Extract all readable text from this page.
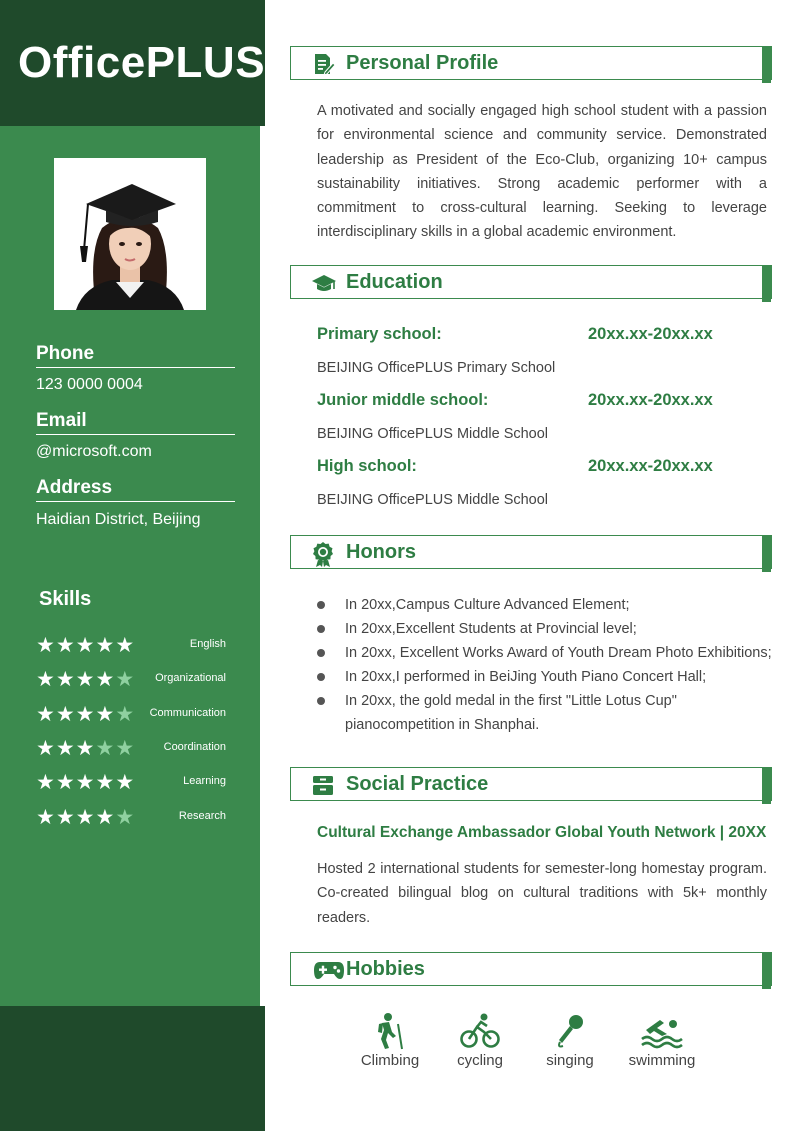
OfficePLUS
Phone
123 0000 0004
Email
@microsoft.com
Address
Haidian District, Beijing
Skills
★★★★★	English
★★★★★ Organizational
★★★★★ Communication
★★★★★	Coordination
★★★★★	Learning
★★★★★	Research
Personal Profile
A motivated and socially engaged high school student with a passion for environmental science and community service. Demonstrated leadership as President of the Eco-Club, organizing 10+ campus sustainability initiatives. Strong academic performer with a commitment to cross-cultural learning. Seeking to leverage interdisciplinary skills in a global academic environment.
Education
Primary school:	20xx.xx-20xx.xx
BEIJING OfficePLUS Primary School
Junior middle school:	20xx.xx-20xx.xx
BEIJING OfficePLUS Middle School
High school:	20xx.xx-20xx.xx
BEIJING OfficePLUS Middle School
Honors
In 20xx,Campus Culture Advanced Element;
In 20xx,Excellent Students at Provincial level;
In 20xx, Excellent Works Award of Youth Dream Photo Exhibitions;
In 20xx,I performed in BeiJing Youth Piano Concert Hall;
In 20xx, the gold medal in the first "Little Lotus Cup" pianocompetition in Shanphai.
Social Practice
Cultural Exchange Ambassador Global Youth Network | 20XX
Hosted 2 international students for semester-long homestay program. Co-created bilingual blog on cultural traditions with 5k+ monthly readers.
Hobbies
Climbing	cycling	singing	swimming
